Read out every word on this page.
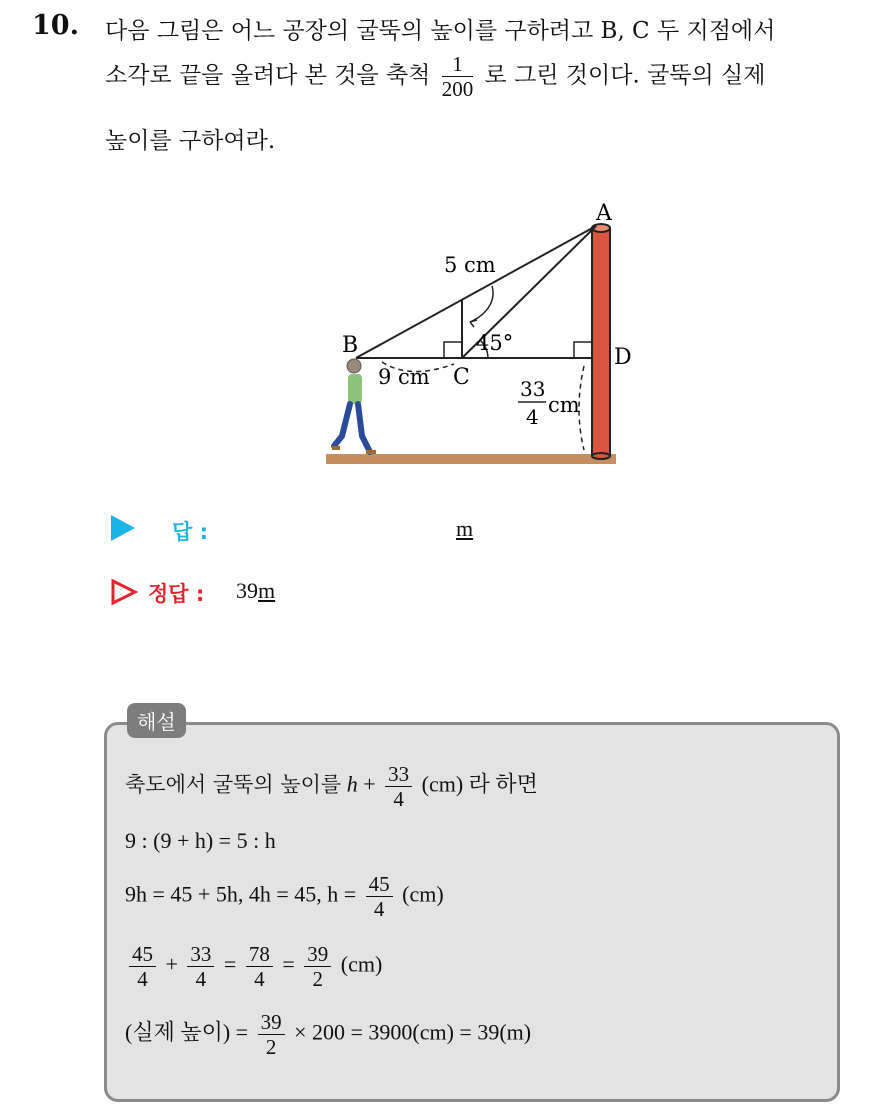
10. 다음 그림은 어느 공장의 굴뚝의 높이를 구하려고 B, C 두 지점에서
소각로 끝을 올려다 본 것을 축척 $\frac{1}{200}$ 로 그린 것이다. 굴뚝의 실제
높이를 구하여라.
A
B
C
D
5 cm
45°
9 cm	33
4 cm
답 :	m
정답 : 39m
해설
축도에서 굴뚝의 높이를 $h + \frac{33}{4} (cm)$ 라 하면
9 : (9 + h) = 5 : h
9h = 45 + 5h, 4h = 45, $h = \frac{45}{4} (cm)$
$\frac{45}{4} + \frac{33}{4} = \frac{78}{4} = \frac{39}{2} (cm)$
(실제 높이) = $\frac{39}{2} \times 200 = 3900(cm) = 39(m)$
